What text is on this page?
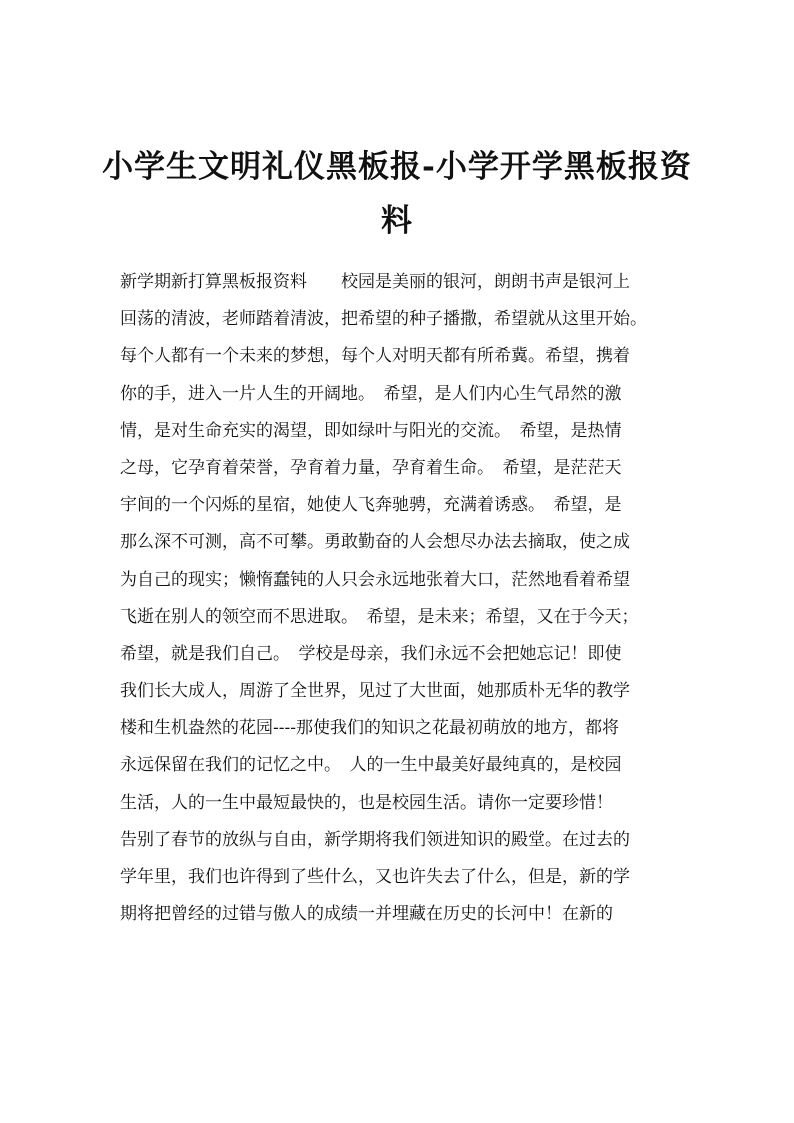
小学生文明礼仪黑板报-小学开学黑板报资
料
新学期新打算黑板报资料　　校园是美丽的银河，朗朗书声是银河上
回荡的清波，老师踏着清波，把希望的种子播撒，希望就从这里开始。
每个人都有一个未来的梦想，每个人对明天都有所希冀。希望，携着
你的手，进入一片人生的开阔地。　希望，是人们内心生气昂然的激
情，是对生命充实的渴望，即如绿叶与阳光的交流。　希望，是热情
之母，它孕育着荣誉，孕育着力量，孕育着生命。　希望，是茫茫天
宇间的一个闪烁的星宿，她使人飞奔驰骋，充满着诱惑。　希望，是
那么深不可测，高不可攀。勇敢勤奋的人会想尽办法去摘取，使之成
为自己的现实；懒惰蠢钝的人只会永远地张着大口，茫然地看着希望
飞逝在别人的领空而不思进取。　希望，是未来；希望，又在于今天；
希望，就是我们自己。　学校是母亲，我们永远不会把她忘记！即使
我们长大成人，周游了全世界，见过了大世面，她那质朴无华的教学
楼和生机盎然的花园----那使我们的知识之花最初萌放的地方，都将
永远保留在我们的记忆之中。　人的一生中最美好最纯真的，是校园
生活，人的一生中最短最快的，也是校园生活。请你一定要珍惜！
告别了春节的放纵与自由，新学期将我们领进知识的殿堂。在过去的
学年里，我们也许得到了些什么，又也许失去了什么，但是，新的学
期将把曾经的过错与傲人的成绩一并埋藏在历史的长河中！在新的
